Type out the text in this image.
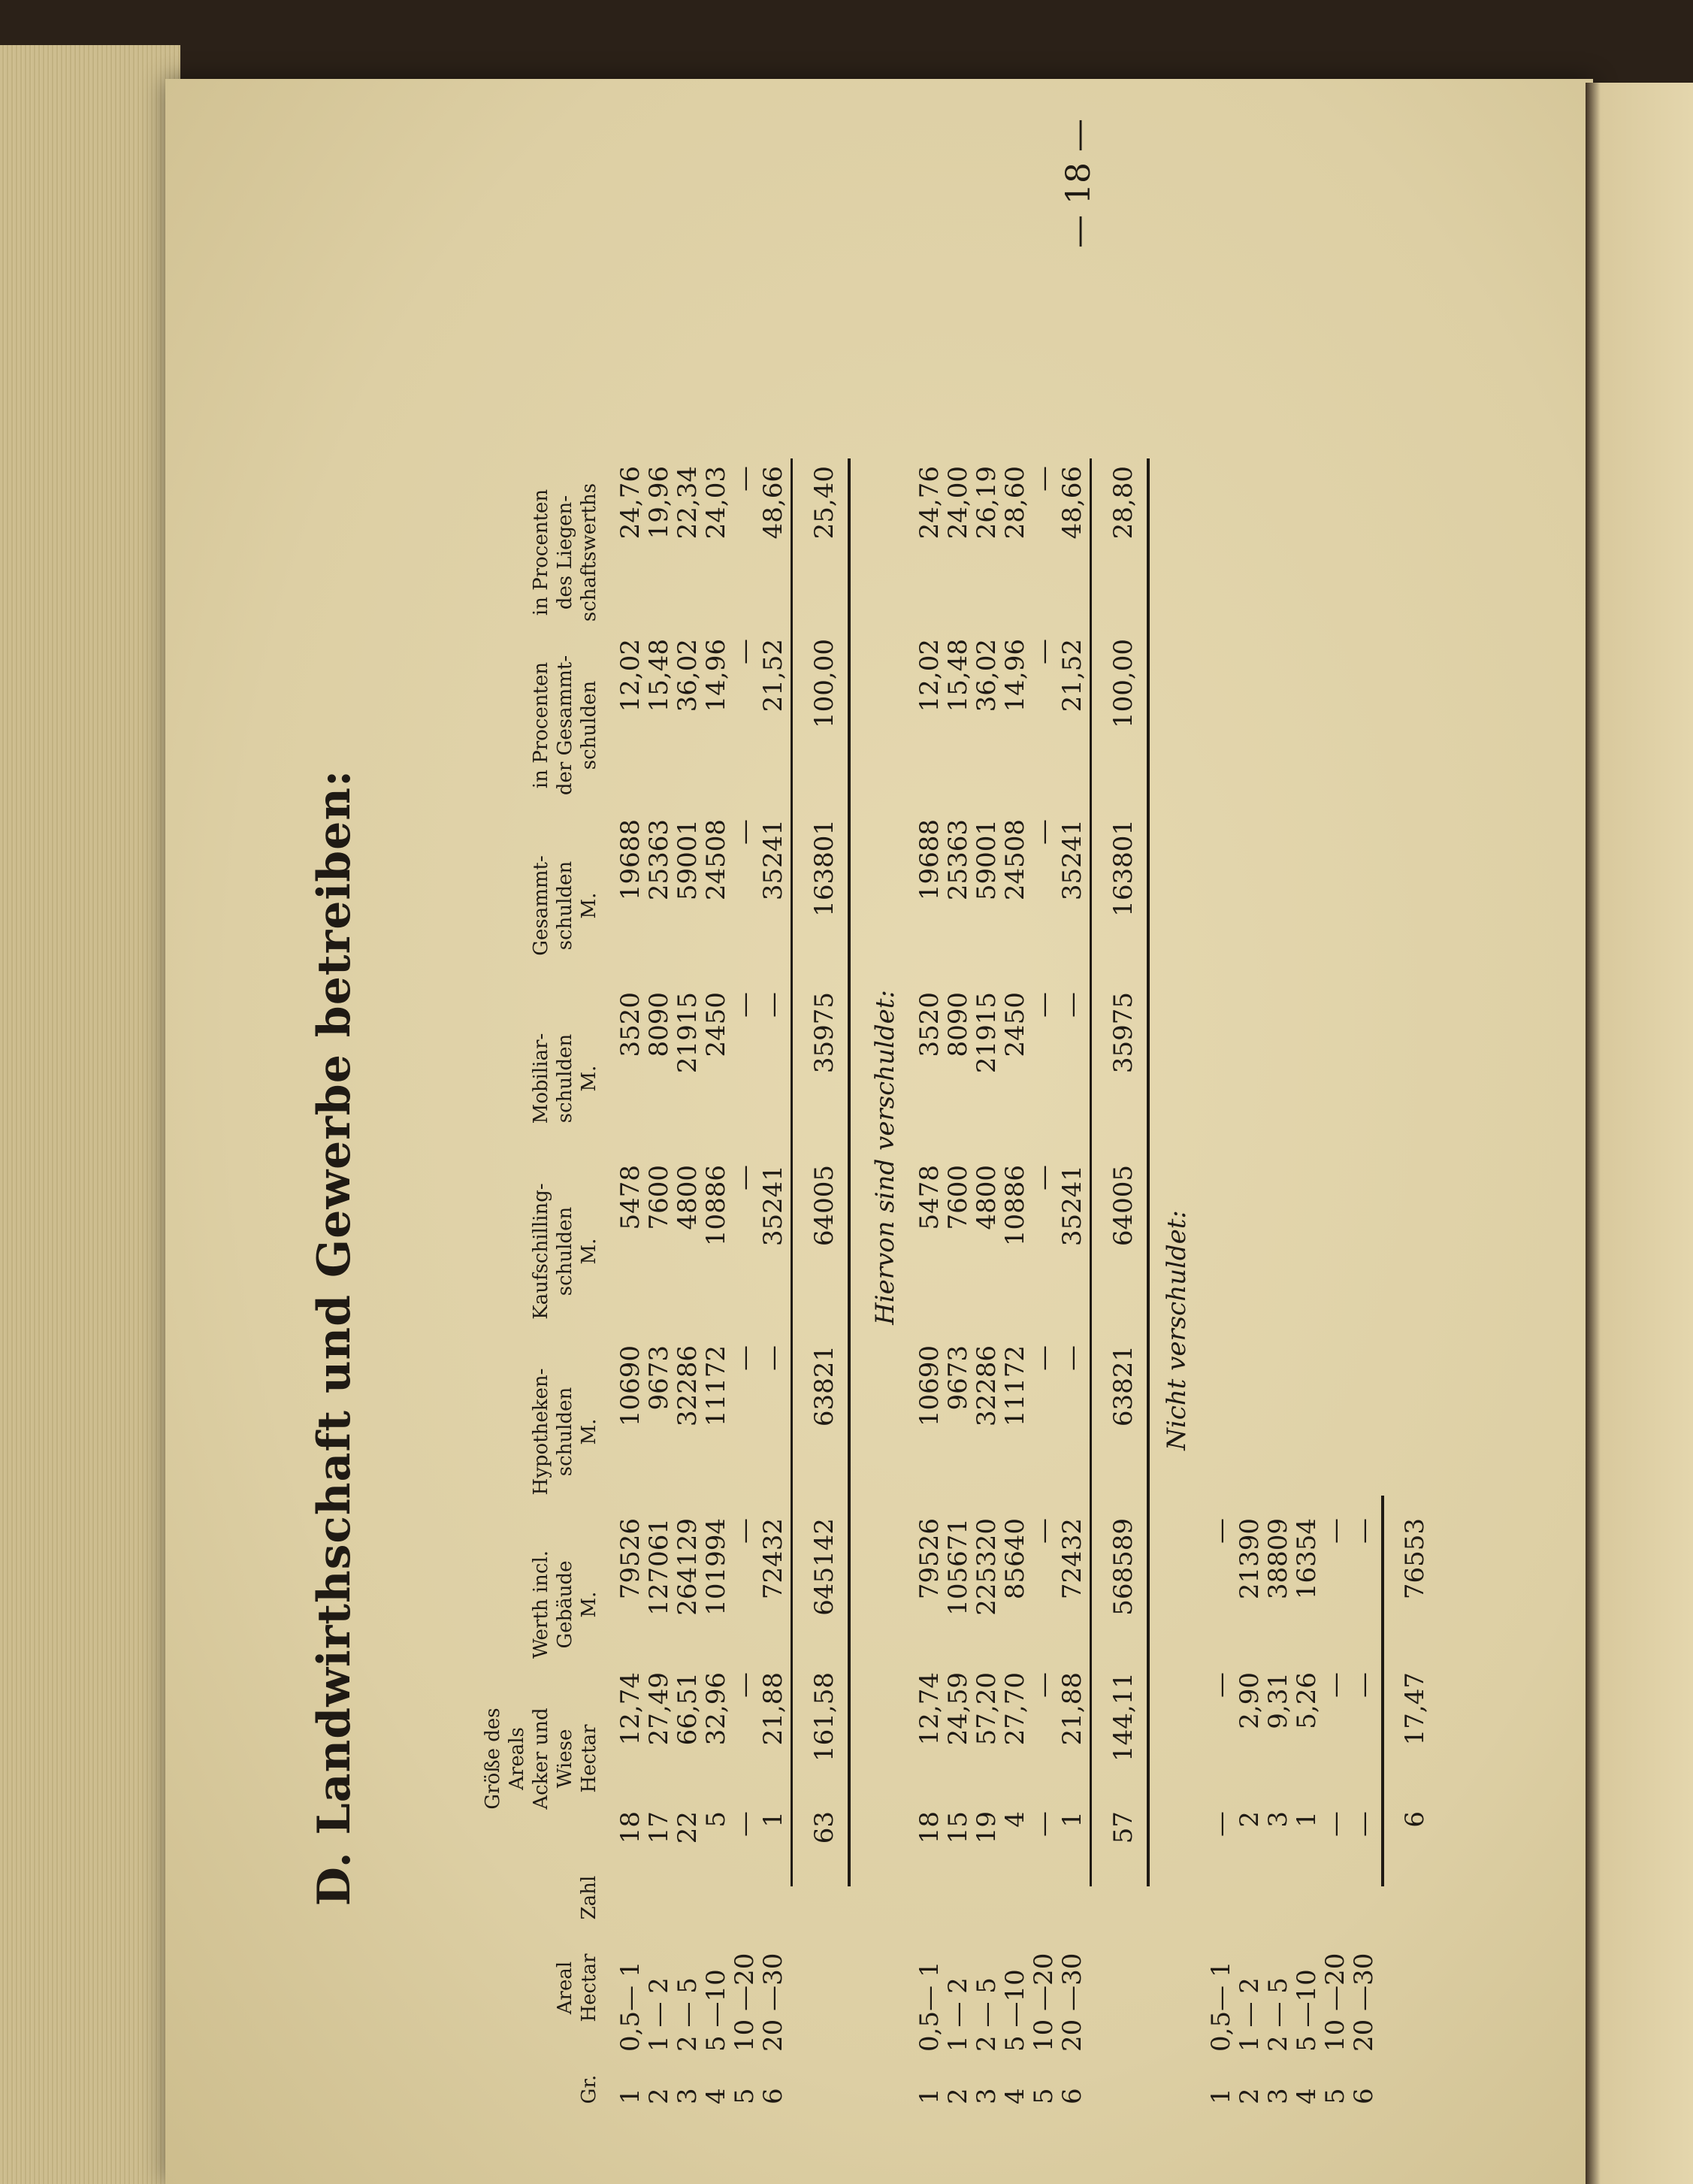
— 18 —
D. Landwirthschaft und Gewerbe betreiben:
Gr.
Areal
Hectar
Zahl
Größe des
Areals
Acker und
Wiese
Hectar
Werth incl.
Gebäude
M.
Hypotheken-
schulden
M.
Kaufschilling-
schulden
M.
Mobiliar-
schulden
M.
Gesammt-
schulden
M.
in Procenten
der Gesammt-
schulden
in Procenten
des Liegen-
schaftswerths
1
0,5— 1
18
12,74
79526
10690
5478
3520
19688
12,02
24,76
2
1 — 2
17
27,49
127061
9673
7600
8090
25363
15,48
19,96
3
2 — 5
22
66,51
264129
32286
4800
21915
59001
36,02
22,34
4
5 —10
5
32,96
101994
11172
10886
2450
24508
14,96
24,03
5
10 —20
—
—
—
—
—
—
—
—
—
6
20 —30
1
21,88
72432
—
35241
—
35241
21,52
48,66
63
161,58
645142
63821
64005
35975
163801
100,00
25,40
Hiervon sind verschuldet:
1
0,5— 1
18
12,74
79526
10690
5478
3520
19688
12,02
24,76
2
1 — 2
15
24,59
105671
9673
7600
8090
25363
15,48
24,00
3
2 — 5
19
57,20
225320
32286
4800
21915
59001
36,02
26,19
4
5 —10
4
27,70
85640
11172
10886
2450
24508
14,96
28,60
5
10 —20
—
—
—
—
—
—
—
—
—
6
20 —30
1
21,88
72432
—
35241
—
35241
21,52
48,66
57
144,11
568589
63821
64005
35975
163801
100,00
28,80
Nicht verschuldet:
1
0,5— 1
—
—
—
2
1 — 2
2
2,90
21390
3
2 — 5
3
9,31
38809
4
5 —10
1
5,26
16354
5
10 —20
—
—
—
6
20 —30
—
—
—
6
17,47
76553
